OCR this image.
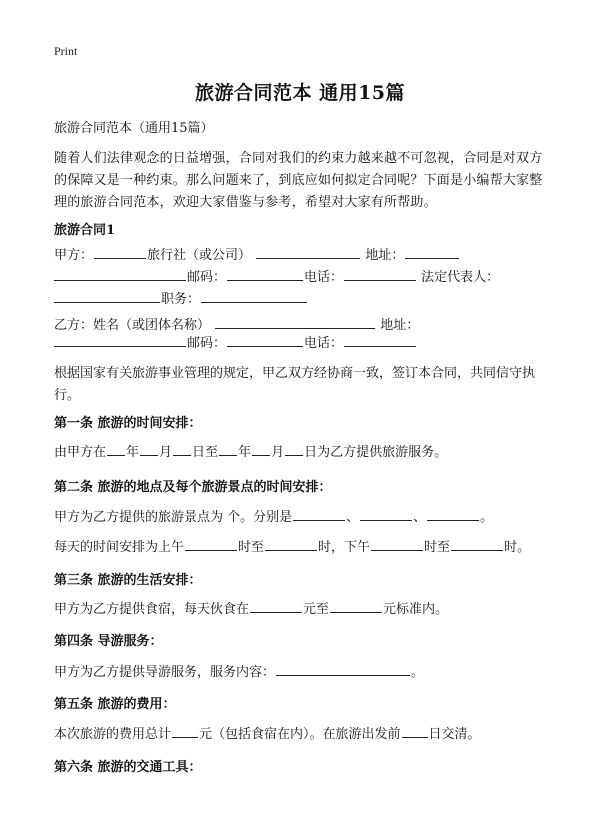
Print
旅游合同范本 通用15篇
旅游合同范本（通用15篇）
随着人们法律观念的日益增强，合同对我们的约束力越来越不可忽视，合同是对双方的保障又是一种约束。那么问题来了，到底应如何拟定合同呢？下面是小编帮大家整理的旅游合同范本，欢迎大家借鉴与参考，希望对大家有所帮助。
旅游合同1
甲方：	旅行社（或公司）	地址：
邮码：	电话：	法定代表人：
职务：
乙方：姓名（或团体名称）	地址：
邮码：	电话：
根据国家有关旅游事业管理的规定，甲乙双方经协商一致，签订本合同，共同信守执行。
第一条 旅游的时间安排：
由甲方在 年 月 日至 年 月 日为乙方提供旅游服务。
第二条 旅游的地点及每个旅游景点的时间安排：
甲方为乙方提供的旅游景点为 个。分别是	、	、	。
每天的时间安排为上午	时至	时，下午	时至	时。
第三条 旅游的生活安排：
甲方为乙方提供食宿，每天伙食在	元至	元标准内。
第四条 导游服务：
甲方为乙方提供导游服务，服务内容：	。
第五条 旅游的费用：
本次旅游的费用总计 元（包括食宿在内）。在旅游出发前 日交清。
第六条 旅游的交通工具：
